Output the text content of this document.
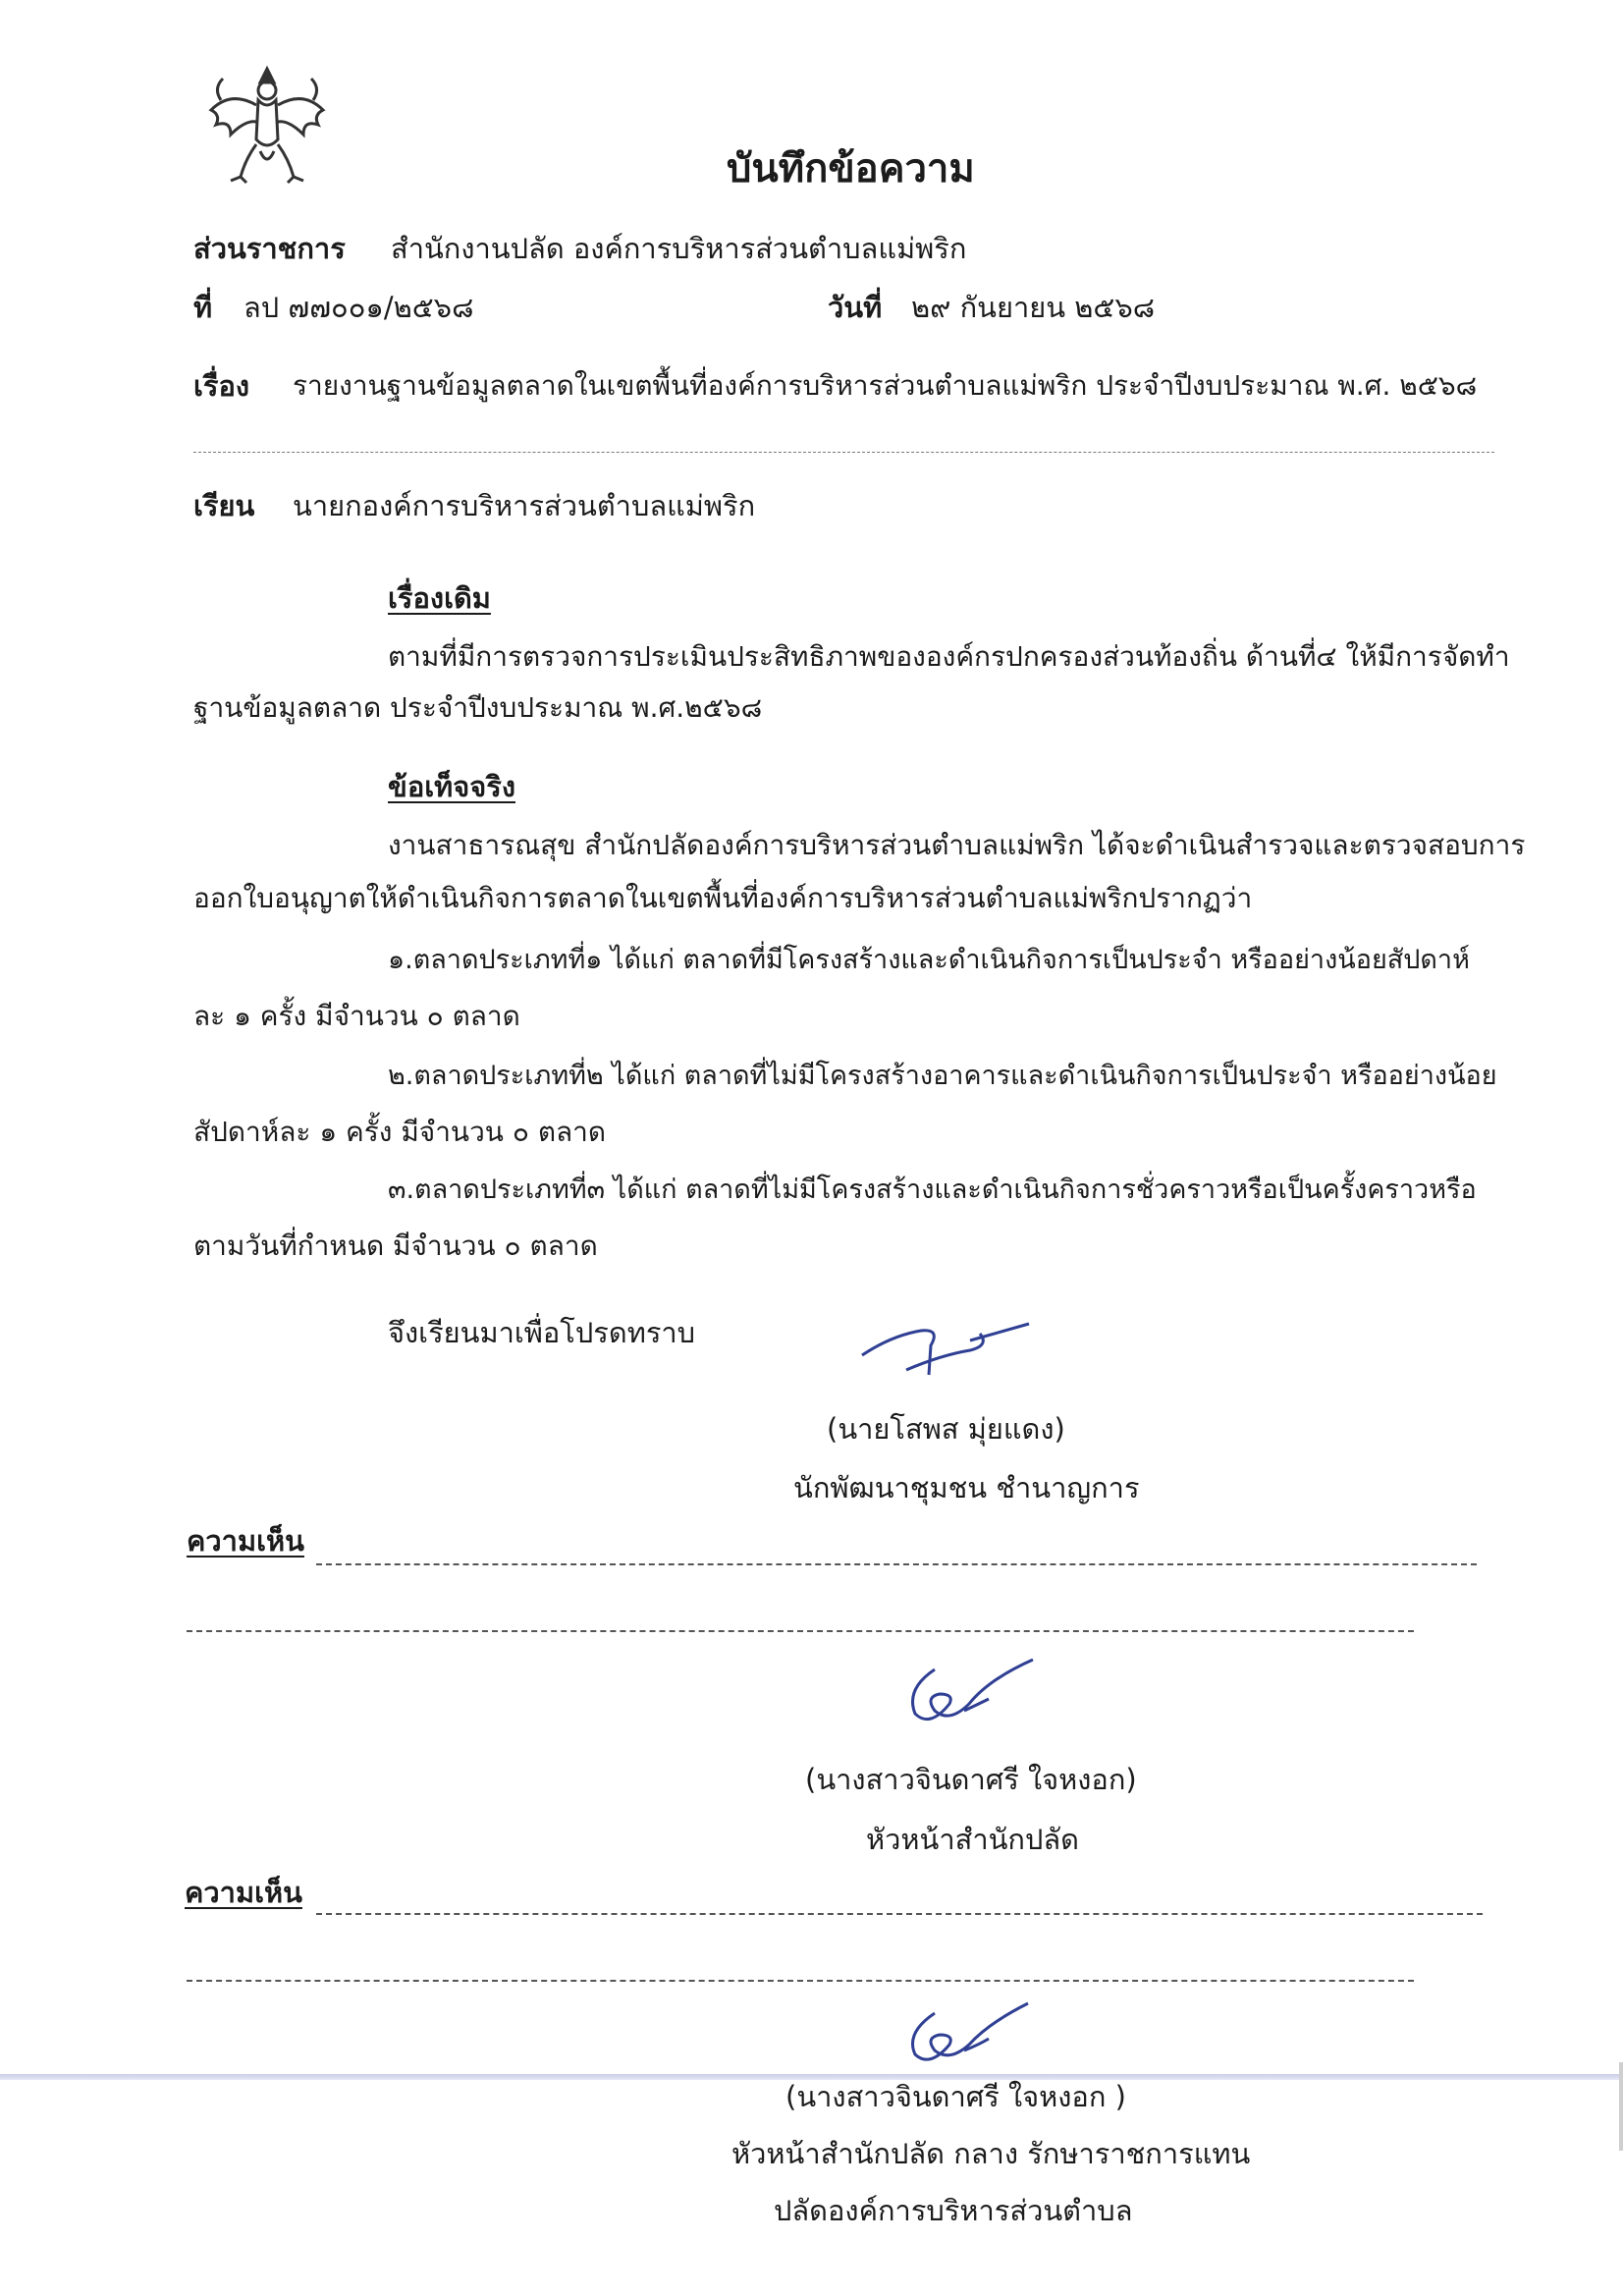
บันทึกข้อความ
ส่วนราชการ สำนักงานปลัด องค์การบริหารส่วนตำบลแม่พริก
ที่ ลป ๗๗๐๐๑/๒๕๖๘	วันที่ ๒๙ กันยายน ๒๕๖๘
เรื่อง รายงานฐานข้อมูลตลาดในเขตพื้นที่องค์การบริหารส่วนตำบลแม่พริก ประจำปีงบประมาณ พ.ศ. ๒๕๖๘
เรียน นายกองค์การบริหารส่วนตำบลแม่พริก
เรื่องเดิม
ตามที่มีการตรวจการประเมินประสิทธิภาพขององค์กรปกครองส่วนท้องถิ่น ด้านที่๔ ให้มีการจัดทำ
ฐานข้อมูลตลาด ประจำปีงบประมาณ พ.ศ.๒๕๖๘
ข้อเท็จจริง
งานสาธารณสุข สำนักปลัดองค์การบริหารส่วนตำบลแม่พริก ได้จะดำเนินสำรวจและตรวจสอบการ
ออกใบอนุญาตให้ดำเนินกิจการตลาดในเขตพื้นที่องค์การบริหารส่วนตำบลแม่พริกปรากฏว่า
๑.ตลาดประเภทที่๑ ได้แก่ ตลาดที่มีโครงสร้างและดำเนินกิจการเป็นประจำ หรืออย่างน้อยสัปดาห์
ละ ๑ ครั้ง มีจำนวน ๐ ตลาด
๒.ตลาดประเภทที่๒ ได้แก่ ตลาดที่ไม่มีโครงสร้างอาคารและดำเนินกิจการเป็นประจำ หรืออย่างน้อย
สัปดาห์ละ ๑ ครั้ง มีจำนวน ๐ ตลาด
๓.ตลาดประเภทที่๓ ได้แก่ ตลาดที่ไม่มีโครงสร้างและดำเนินกิจการชั่วคราวหรือเป็นครั้งคราวหรือ
ตามวันที่กำหนด มีจำนวน ๐ ตลาด
จึงเรียนมาเพื่อโปรดทราบ
(นายโสพส มุ่ยแดง)
นักพัฒนาชุมชน ชำนาญการ
ความเห็น
(นางสาวจินดาศรี ใจหงอก)
หัวหน้าสำนักปลัด
ความเห็น
(นางสาวจินดาศรี ใจหงอก )
หัวหน้าสำนักปลัด กลาง รักษาราชการแทน
ปลัดองค์การบริหารส่วนตำบล
